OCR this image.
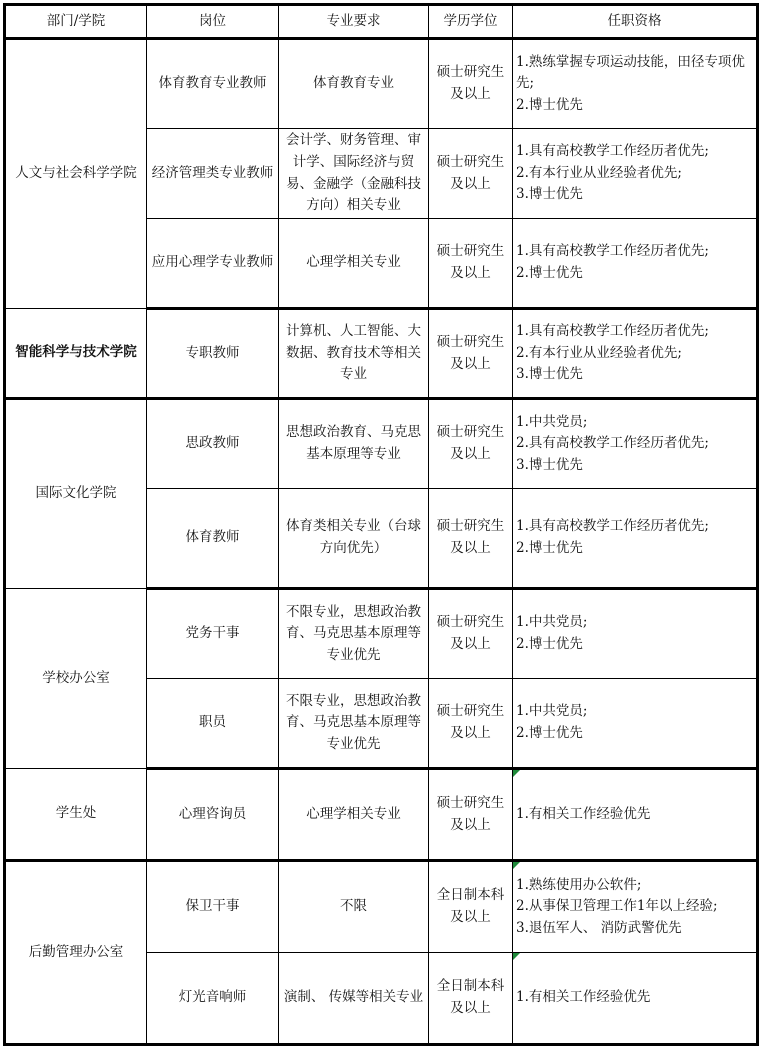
部门/学院	岗位	专业要求	学历学位	任职资格
人文与社会科学学院	体育教育专业教师	体育教育专业	硕士研究生及以上	1.熟练掌握专项运动技能，田径专项优先;
2.博士优先

	经济管理类专业教师	会计学、财务管理、审计学、国际经济与贸易、金融学（金融科技方向）相关专业	硕士研究生及以上	1.具有高校教学工作经历者优先;
2.有本行业从业经验者优先;
3.博士优先

	应用心理学专业教师	心理学相关专业	硕士研究生及以上	1.具有高校教学工作经历者优先;
2.博士优先

智能科学与技术学院	专职教师	计算机、人工智能、大数据、教育技术等相关专业	硕士研究生及以上	1.具有高校教学工作经历者优先;
2.有本行业从业经验者优先;
3.博士优先

国际文化学院	思政教师	思想政治教育、马克思基本原理等专业	硕士研究生及以上	1.中共党员;
2.具有高校教学工作经历者优先;
3.博士优先

	体育教师	体育类相关专业（台球方向优先）	硕士研究生及以上	1.具有高校教学工作经历者优先;
2.博士优先

学校办公室	党务干事	不限专业，思想政治教育、马克思基本原理等专业优先	硕士研究生及以上	1.中共党员;
2.博士优先

	职员	不限专业，思想政治教育、马克思基本原理等专业优先	硕士研究生及以上	1.中共党员;
2.博士优先

学生处	心理咨询员	心理学相关专业	硕士研究生及以上	1.有相关工作经验优先

后勤管理办公室	保卫干事	不限	全日制本科及以上	1.熟练使用办公软件;
2.从事保卫管理工作1年以上经验;
3.退伍军人、 消防武警优先

	灯光音响师	演制、 传媒等相关专业	全日制本科及以上	1.有相关工作经验优先
